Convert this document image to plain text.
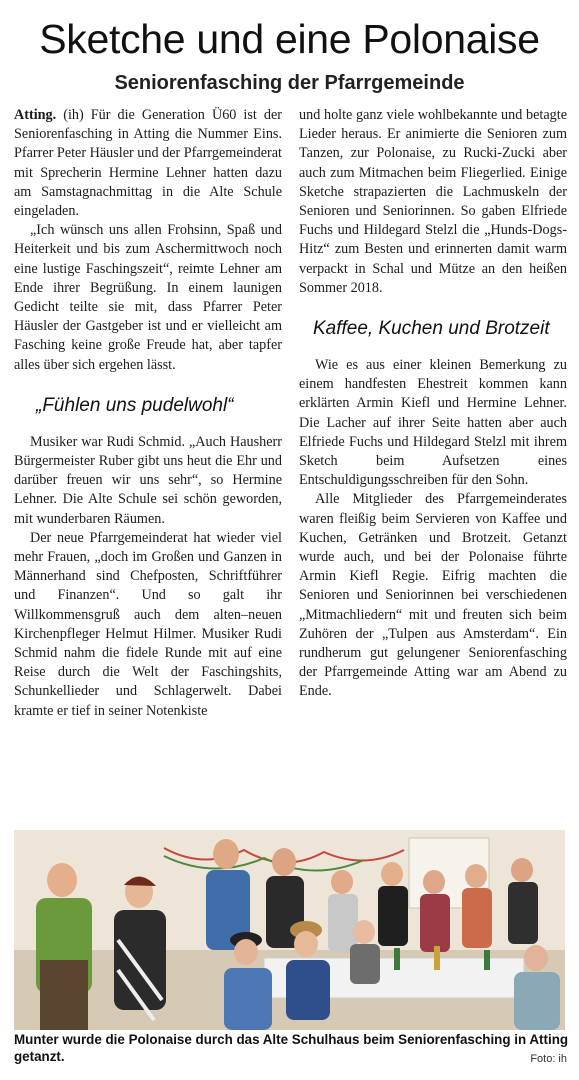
Sketche und eine Polonaise
Seniorenfasching der Pfarrgemeinde

Atting. (ih) Für die Generation Ü60 ist der Seniorenfasching in Atting die Nummer Eins. Pfarrer Peter Häusler und der Pfarrgemeinderat mit Sprecherin Hermine Lehner hatten dazu am Samstagnachmittag in die Alte Schule eingeladen.

„Ich wünsch uns allen Frohsinn, Spaß und Heiterkeit und bis zum Aschermittwoch noch eine lustige Faschingszeit“, reimte Lehner am Ende ihrer Begrüßung. In einem launigen Gedicht teilte sie mit, dass Pfarrer Peter Häusler der Gastgeber ist und er vielleicht am Fasching keine große Freude hat, aber tapfer alles über sich ergehen lässt.

„Fühlen uns pudelwohl“

Musiker war Rudi Schmid. „Auch Hausherr Bürgermeister Ruber gibt uns heut die Ehr und darüber freuen wir uns sehr“, so Hermine Lehner. Die Alte Schule sei schön geworden, mit wunderbaren Räumen.

Der neue Pfarrgemeinderat hat wieder viel mehr Frauen, „doch im Großen und Ganzen in Männerhand sind Chefposten, Schriftführer und Finanzen“. Und so galt ihr Willkommensgruß auch dem alten–neuen Kirchenpfleger Helmut Hilmer. Musiker Rudi Schmid nahm die fidele Runde mit auf eine Reise durch die Welt der Faschingshits, Schunkellieder und Schlagerwelt. Dabei kramte er tief in seiner Notenkiste

und holte ganz viele wohlbekannte und betagte Lieder heraus. Er animierte die Senioren zum Tanzen, zur Polonaise, zu Rucki-Zucki aber auch zum Mitmachen beim Fliegerlied. Einige Sketche strapazierten die Lachmuskeln der Senioren und Seniorinnen. So gaben Elfriede Fuchs und Hildegard Stelzl die „Hunds-Dogs-Hitz“ zum Besten und erinnerten damit warm verpackt in Schal und Mütze an den heißen Sommer 2018.

Kaffee, Kuchen und Brotzeit

Wie es aus einer kleinen Bemerkung zu einem handfesten Ehestreit kommen kann erklärten Armin Kiefl und Hermine Lehner. Die Lacher auf ihrer Seite hatten aber auch Elfriede Fuchs und Hildegard Stelzl mit ihrem Sketch beim Aufsetzen eines Entschuldigungsschreiben für den Sohn.

Alle Mitglieder des Pfarrgemeinderates waren fleißig beim Servieren von Kaffee und Kuchen, Getränken und Brotzeit. Getanzt wurde auch, und bei der Polonaise führte Armin Kiefl Regie. Eifrig machten die Senioren und Seniorinnen bei verschiedenen „Mitmachliedern“ mit und freuten sich beim Zuhören der „Tulpen aus Amsterdam“. Ein rundherum gut gelungener Seniorenfasching der Pfarrgemeinde Atting war am Abend zu Ende.

Munter wurde die Polonaise durch das Alte Schulhaus beim Seniorenfasching in Atting getanzt.	Foto: ih
